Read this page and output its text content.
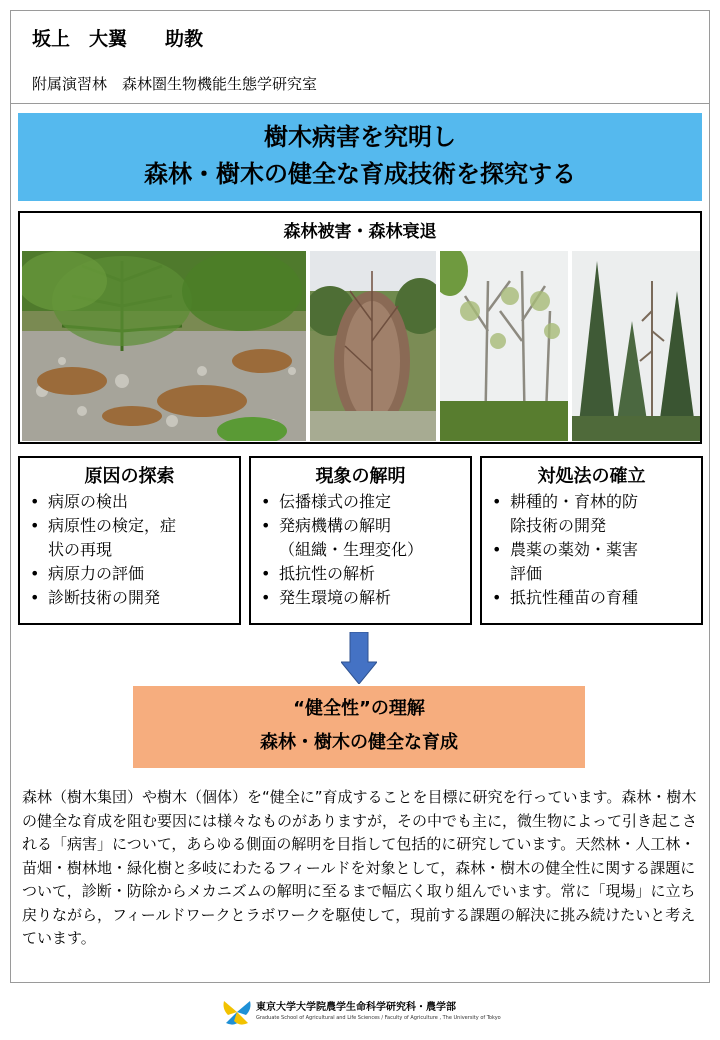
坂上　大翼　　助教
附属演習林　森林圏生物機能生態学研究室
樹木病害を究明し
森林・樹木の健全な育成技術を探究する
森林被害・森林衰退
原因の探索
• 病原の検出
• 病原性の検定，症
状の再現
• 病原力の評価
• 診断技術の開発
現象の解明
• 伝播様式の推定
• 発病機構の解明
（組織・生理変化）
• 抵抗性の解析
• 発生環境の解析
対処法の確立
• 耕種的・育林的防
除技術の開発
• 農薬の薬効・薬害
評価
• 抵抗性種苗の育種
“健全性”の理解
森林・樹木の健全な育成
森林（樹木集団）や樹木（個体）を“健全に”育成することを目標に研究を行っています。森林・樹木の健全な育成を阻む要因には様々なものがありますが，その中でも主に，微生物によって引き起こされる「病害」について，あらゆる側面の解明を目指して包括的に研究しています。天然林・人工林・苗畑・樹林地・緑化樹と多岐にわたるフィールドを対象として，森林・樹木の健全性に関する課題について，診断・防除からメカニズムの解明に至るまで幅広く取り組んでいます。常に「現場」に立ち戻りながら，フィールドワークとラボワークを駆使して，現前する課題の解決に挑み続けたいと考えています。
東京大学大学院農学生命科学研究科・農学部
Graduate School of Agricultural and Life Sciences / Faculty of Agriculture , The University of Tokyo
